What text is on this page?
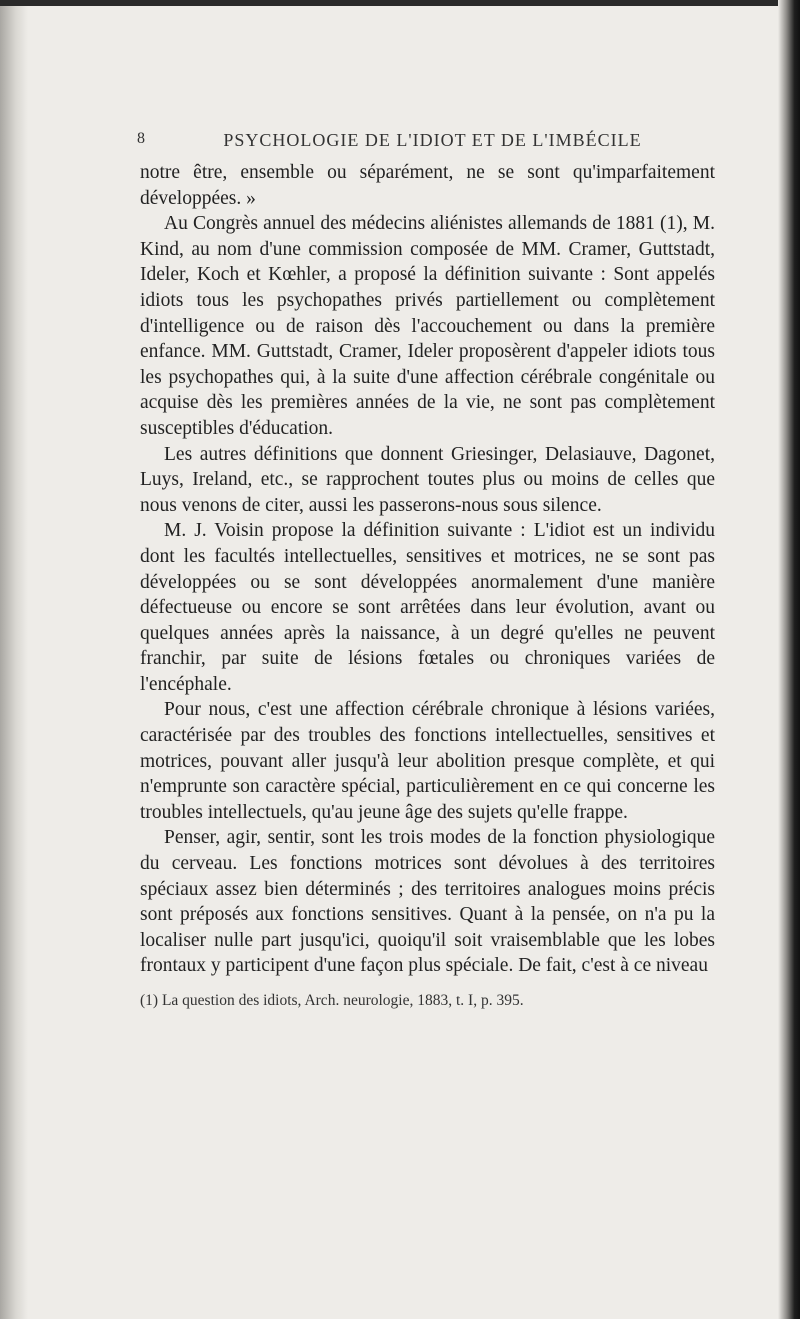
8	PSYCHOLOGIE DE L'IDIOT ET DE L'IMBÉCILE

notre être, ensemble ou séparément, ne se sont qu'imparfaitement développées. »

Au Congrès annuel des médecins aliénistes allemands de 1881 (1), M. Kind, au nom d'une commission composée de MM. Cramer, Guttstadt, Ideler, Koch et Kœhler, a proposé la définition suivante : Sont appelés idiots tous les psychopathes privés partiellement ou complètement d'intelligence ou de raison dès l'accouchement ou dans la première enfance. MM. Guttstadt, Cramer, Ideler proposèrent d'appeler idiots tous les psychopathes qui, à la suite d'une affection cérébrale congénitale ou acquise dès les premières années de la vie, ne sont pas complètement susceptibles d'éducation.

Les autres définitions que donnent Griesinger, Delasiauve, Dagonet, Luys, Ireland, etc., se rapprochent toutes plus ou moins de celles que nous venons de citer, aussi les passerons-nous sous silence.

M. J. Voisin propose la définition suivante : L'idiot est un individu dont les facultés intellectuelles, sensitives et motrices, ne se sont pas développées ou se sont développées anormalement d'une manière défectueuse ou encore se sont arrêtées dans leur évolution, avant ou quelques années après la naissance, à un degré qu'elles ne peuvent franchir, par suite de lésions fœtales ou chroniques variées de l'encéphale.

Pour nous, c'est une affection cérébrale chronique à lésions variées, caractérisée par des troubles des fonctions intellectuelles, sensitives et motrices, pouvant aller jusqu'à leur abolition presque complète, et qui n'emprunte son caractère spécial, particulièrement en ce qui concerne les troubles intellectuels, qu'au jeune âge des sujets qu'elle frappe.

Penser, agir, sentir, sont les trois modes de la fonction physiologique du cerveau. Les fonctions motrices sont dévolues à des territoires spéciaux assez bien déterminés ; des territoires analogues moins précis sont préposés aux fonctions sensitives. Quant à la pensée, on n'a pu la localiser nulle part jusqu'ici, quoiqu'il soit vraisemblable que les lobes frontaux y participent d'une façon plus spéciale. De fait, c'est à ce niveau

(1) La question des idiots, Arch. neurologie, 1883, t. I, p. 395.
